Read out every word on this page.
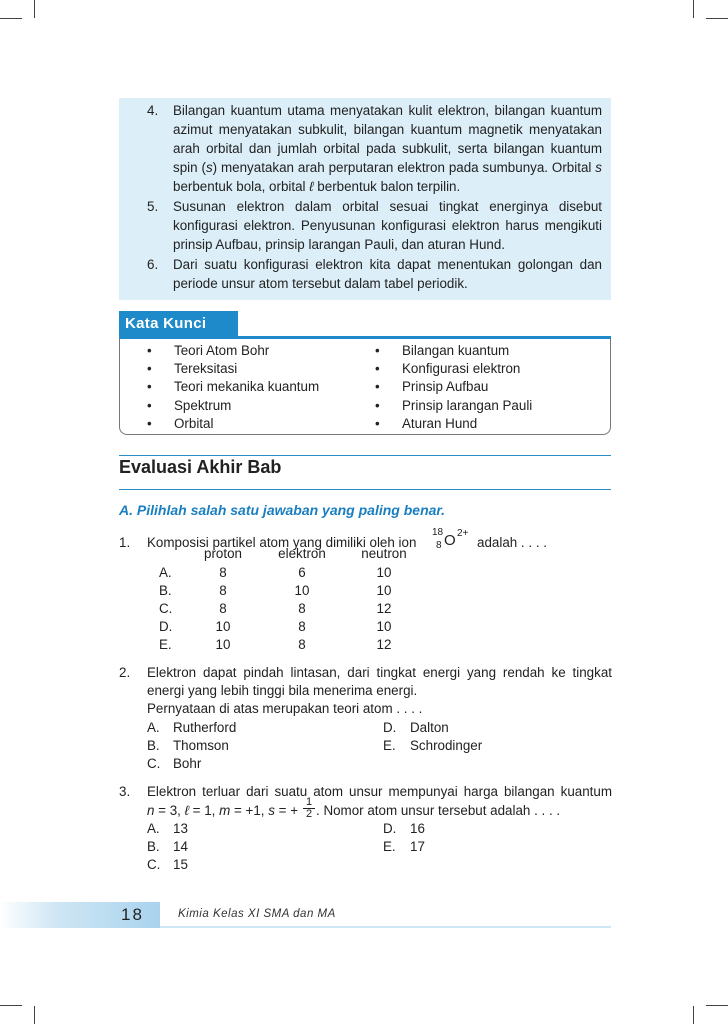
4. Bilangan kuantum utama menyatakan kulit elektron, bilangan kuantum azimut menyatakan subkulit, bilangan kuantum magnetik menyatakan arah orbital dan jumlah orbital pada subkulit, serta bilangan kuantum spin (s) menyatakan arah perputaran elektron pada sumbunya. Orbital s berbentuk bola, orbital ℓ berbentuk balon terpilin.
5. Susunan elektron dalam orbital sesuai tingkat energinya disebut konfigurasi elektron. Penyusunan konfigurasi elektron harus mengikuti prinsip Aufbau, prinsip larangan Pauli, dan aturan Hund.
6. Dari suatu konfigurasi elektron kita dapat menentukan golongan dan periode unsur atom tersebut dalam tabel periodik.
Kata Kunci
• Teori Atom Bohr
• Tereksitasi
• Teori mekanika kuantum
• Spektrum
• Orbital
• Bilangan kuantum
• Konfigurasi elektron
• Prinsip Aufbau
• Prinsip larangan Pauli
• Aturan Hund
Evaluasi Akhir Bab
A. Pilihlah salah satu jawaban yang paling benar.
1. Komposisi partikel atom yang dimiliki oleh ion
18
8 O 2+
adalah . . . .
proton	elektron	neutron
A.	8	6	10
B.	8	10	10
C.	8	8	12
D.	10	8	10
E.	10	8	12
2. Elektron dapat pindah lintasan, dari tingkat energi yang rendah ke tingkat
energi yang lebih tinggi bila menerima energi.
Pernyataan di atas merupakan teori atom . . . .
A. Rutherford
B. Thomson
C. Bohr
D. Dalton
E. Schrodinger
3. Elektron terluar dari suatu atom unsur mempunyai harga bilangan kuantum
n = 3, ℓ = 1, m = +1, s = +
1
2 . Nomor atom unsur tersebut adalah . . . .
A. 13
B. 14
C. 15
D. 16
E. 17
18	Kimia Kelas XI SMA dan MA
